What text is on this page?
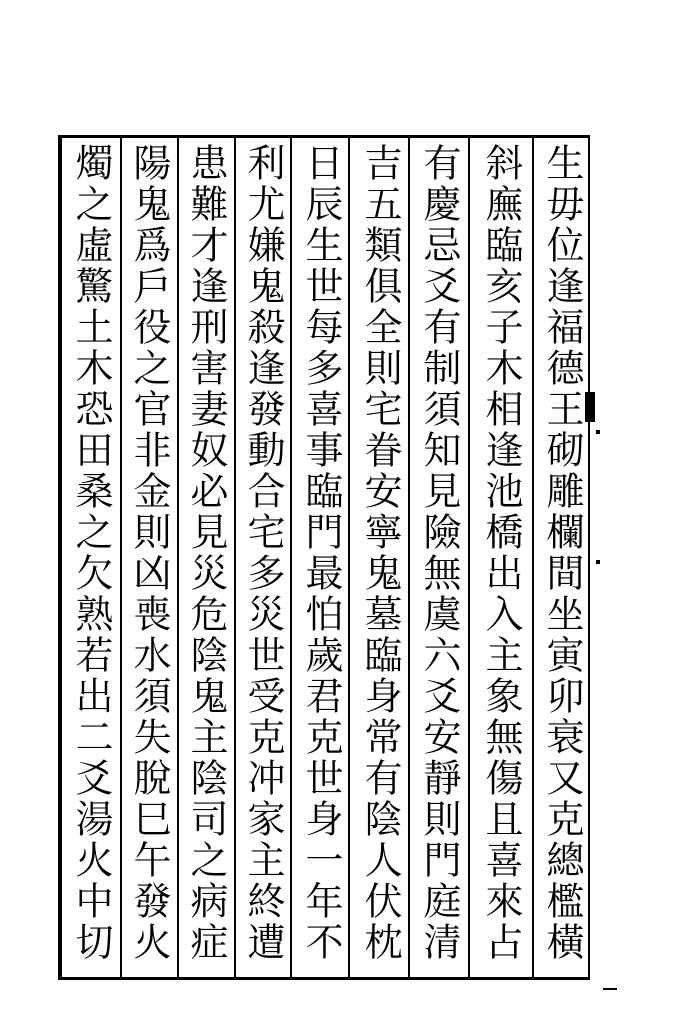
生毋位逢福德王砌雕欄間坐寅卯衰又克總檻橫
斜廡臨亥子木相逢池橋出入主象無傷且喜來占
有慶忌爻有制須知見險無虞六爻安靜則門庭清
吉五類俱全則宅眷安寧鬼墓臨身常有陰人伏枕
日辰生世每多喜事臨門最怕歲君克世身一年不
利尤嫌鬼殺逢發動合宅多災世受克冲家主終遭
患難才逢刑害妻奴必見災危陰鬼主陰司之病症
陽鬼爲戶役之官非金則凶喪水須失脫巳午發火
燭之虛驚土木恐田桑之欠熟若出二爻湯火中切
